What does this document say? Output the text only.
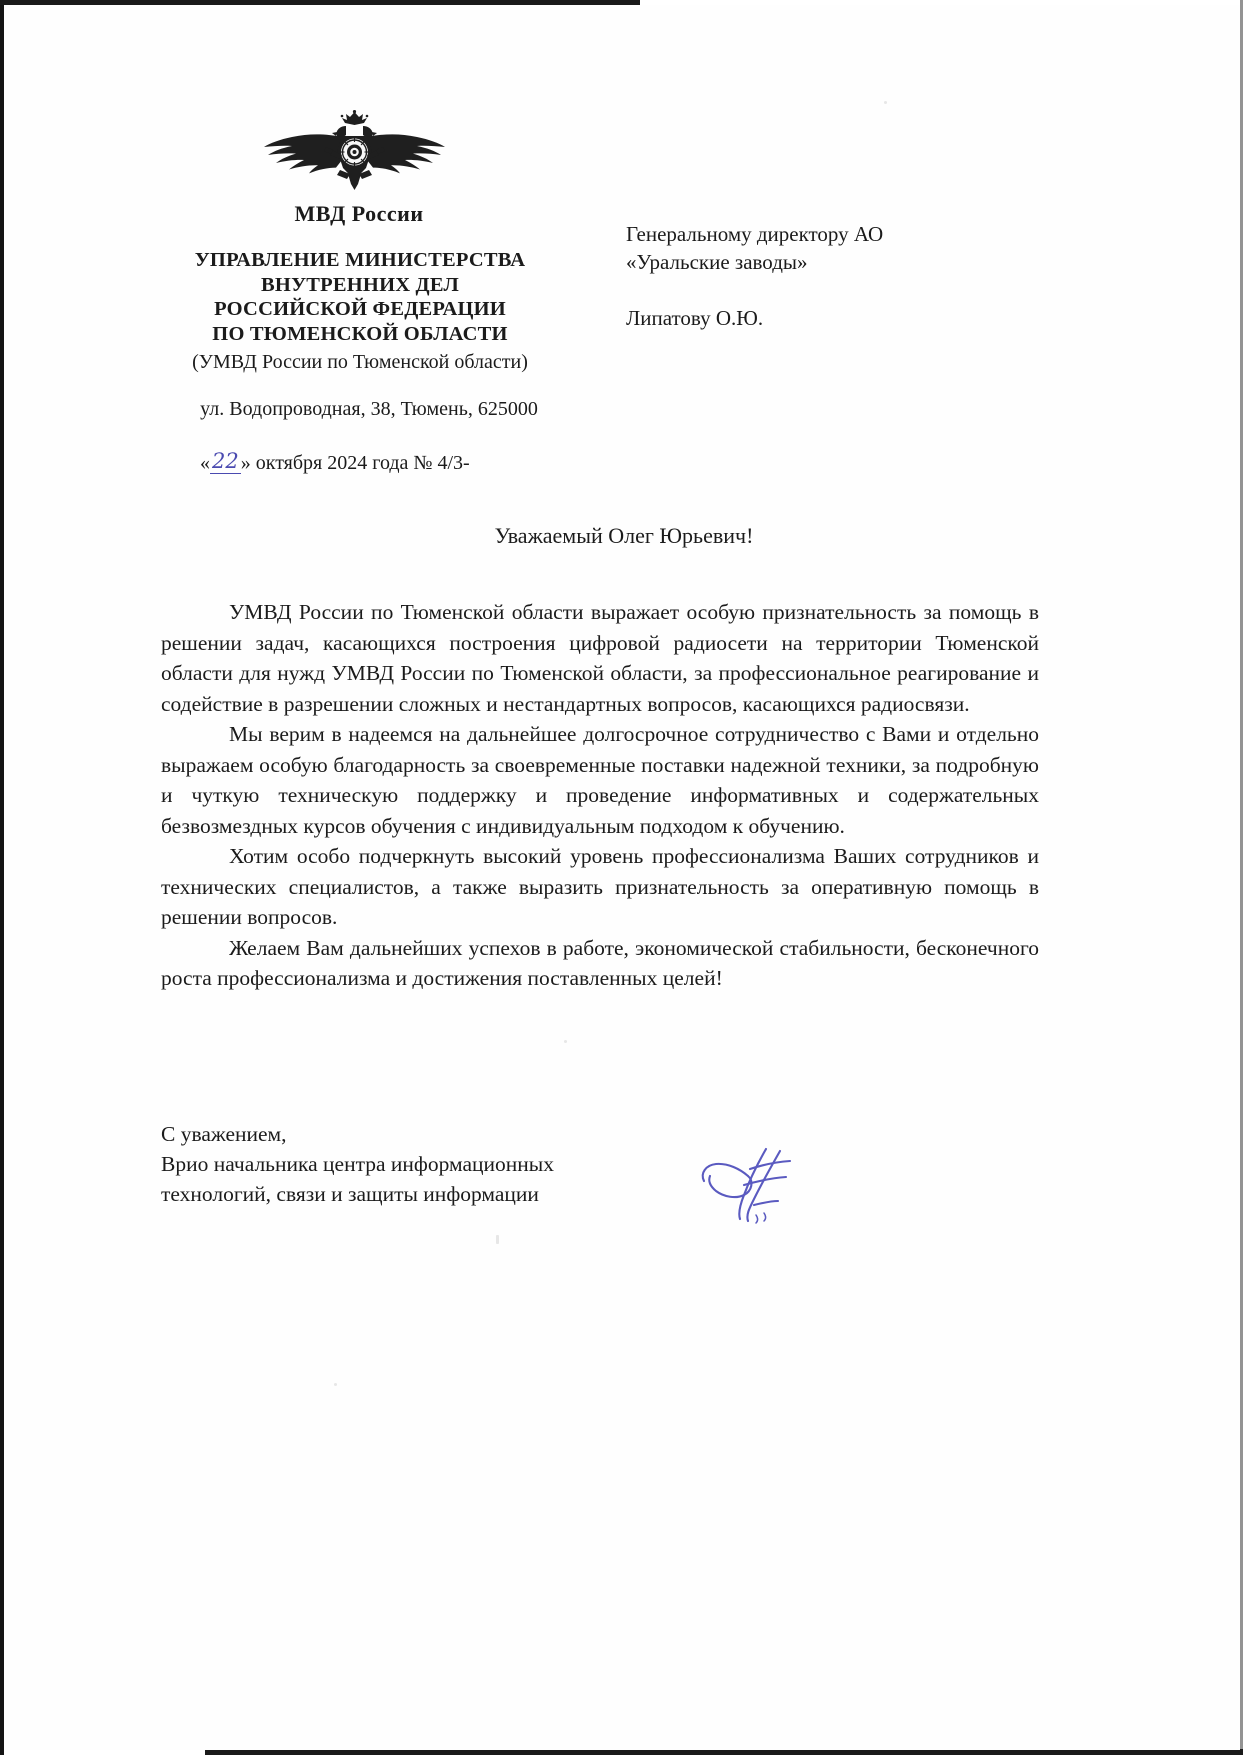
МВД России
УПРАВЛЕНИЕ МИНИСТЕРСТВА
ВНУТРЕННИХ ДЕЛ
РОССИЙСКОЙ ФЕДЕРАЦИИ
ПО ТЮМЕНСКОЙ ОБЛАСТИ
(УМВД России по Тюменской области)
ул. Водопроводная, 38, Тюмень, 625000
«22 » октября 2024 года № 4/3-
Генеральному директору АО
«Уральские заводы»
Липатову О.Ю.
Уважаемый Олег Юрьевич!

УМВД России по Тюменской области выражает особую признательность за помощь в решении задач, касающихся построения цифровой радиосети на территории Тюменской области для нужд УМВД России по Тюменской области, за профессиональное реагирование и содействие в разрешении сложных и нестандартных вопросов, касающихся радиосвязи.

Мы верим в надеемся на дальнейшее долгосрочное сотрудничество с Вами и отдельно выражаем особую благодарность за своевременные поставки надежной техники, за подробную и чуткую техническую поддержку и проведение информативных и содержательных безвозмездных курсов обучения с индивидуальным подходом к обучению.

Хотим особо подчеркнуть высокий уровень профессионализма Ваших сотрудников и технических специалистов, а также выразить признательность за оперативную помощь в решении вопросов.

Желаем Вам дальнейших успехов в работе, экономической стабильности, бесконечного роста профессионализма и достижения поставленных целей!

С уважением,
Врио начальника центра информационных
технологий, связи и защиты информации
